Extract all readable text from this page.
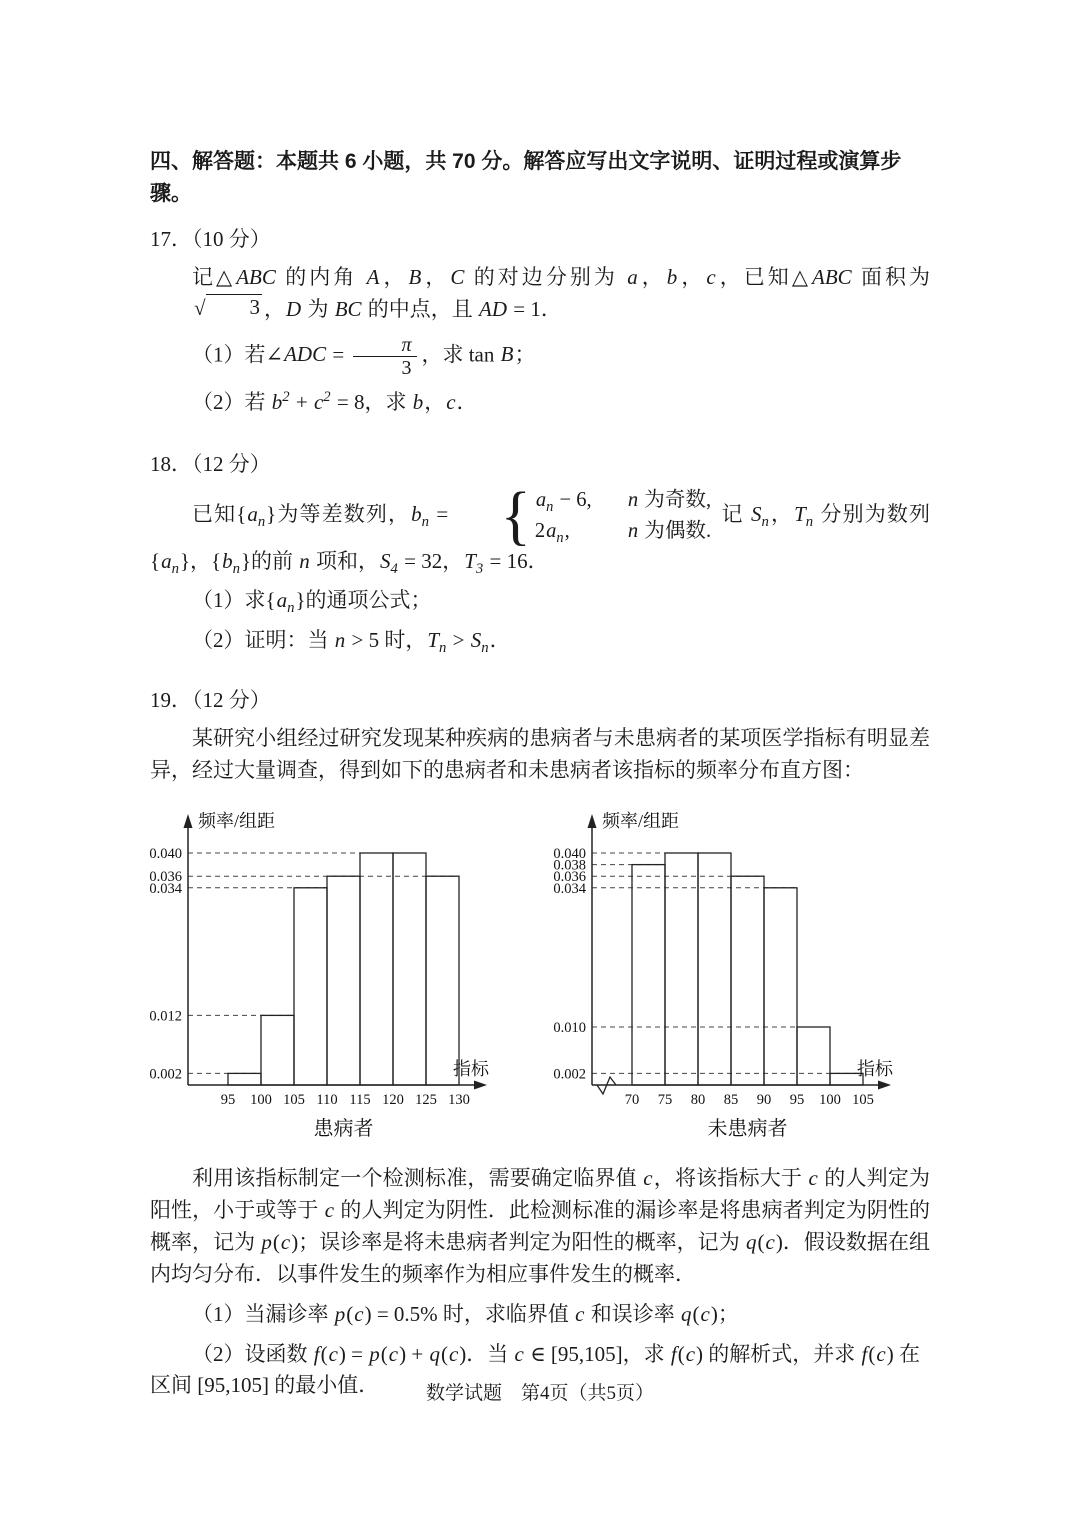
四、解答题：本题共 6 小题，共 70 分。解答应写出文字说明、证明过程或演算步骤。
17．（10 分）

记△ABC 的内角 A，B，C 的对边分别为 a，b，c，已知△ABC 面积为
√	3 ，D 为 BC 的中点，且 AD = 1．

（1）若∠ADC = $\frac{\pi}{3}$ ，求 tan B；

（2）若 $b^2 + c^2 = 8$，求 b，c．

18．（12 分）

已知$\{a_n\}$为等差数列，$b_n$ = { $a_n - 6$,	n 为奇数,
$2a_n$,	n 为偶数.
记 $S_n$，$T_n$ 分别为数列$\{a_n\}$，$\{b_n\}$的前 n 项和，$S_4 = 32$，$T_3 = 16$．

（1）求$\{a_n\}$的通项公式；

（2）证明：当 n > 5 时，$T_n > S_n$．

19．（12 分）

某研究小组经过研究发现某种疾病的患病者与未患病者的某项医学指标有明显差异，经过大量调查，得到如下的患病者和未患病者该指标的频率分布直方图：

频率/组距
指标
0.040
0.036
0.034
0.012
0.002
95 100 105 110 115 120 125 130
患病者
频率/组距
指标
0.040
0.038
0.036
0.034
0.010
0.002
70 75 80 85 90 95 100 105
未患病者

利用该指标制定一个检测标准，需要确定临界值 c，将该指标大于 c 的人判定为阳性，小于或等于 c 的人判定为阴性．此检测标准的漏诊率是将患病者判定为阴性的概率，记为 p(c)；误诊率是将未患病者判定为阳性的概率，记为 q(c)．假设数据在组内均匀分布．以事件发生的频率作为相应事件发生的概率．

（1）当漏诊率 p(c) = 0.5% 时，求临界值 c 和误诊率 q(c)；

（2）设函数 f(c) = p(c) + q(c)．当 c ∈ [95,105]，求 f(c) 的解析式，并求 f(c) 在区间 [95,105] 的最小值．	数学试题　第4页（共5页）
